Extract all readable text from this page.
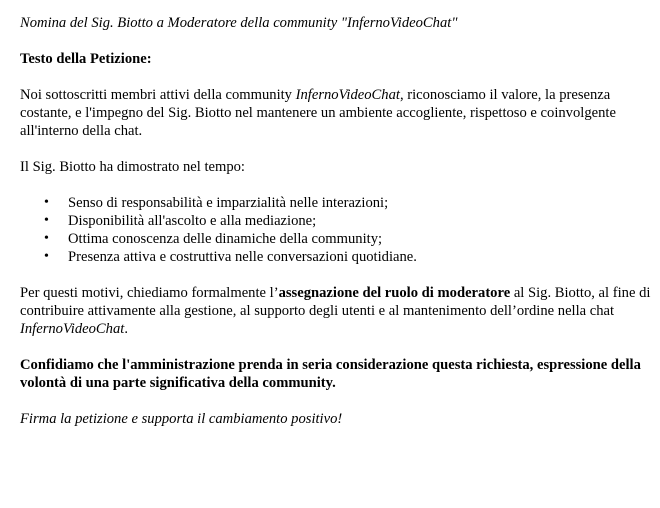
Nomina del Sig. Biotto a Moderatore della community "InfernoVideoChat"

Testo della Petizione:

Noi sottoscritti membri attivi della community InfernoVideoChat, riconosciamo il valore, la presenza costante, e l'impegno del Sig. Biotto nel mantenere un ambiente accogliente, rispettoso e coinvolgente all'interno della chat.

Il Sig. Biotto ha dimostrato nel tempo:

• Senso di responsabilità e imparzialità nelle interazioni;
• Disponibilità all'ascolto e alla mediazione;
• Ottima conoscenza delle dinamiche della community;
• Presenza attiva e costruttiva nelle conversazioni quotidiane.

Per questi motivi, chiediamo formalmente l’assegnazione del ruolo di moderatore al Sig. Biotto, al fine di contribuire attivamente alla gestione, al supporto degli utenti e al mantenimento dell’ordine nella chat InfernoVideoChat.

Confidiamo che l'amministrazione prenda in seria considerazione questa richiesta, espressione della volontà di una parte significativa della community.

Firma la petizione e supporta il cambiamento positivo!
